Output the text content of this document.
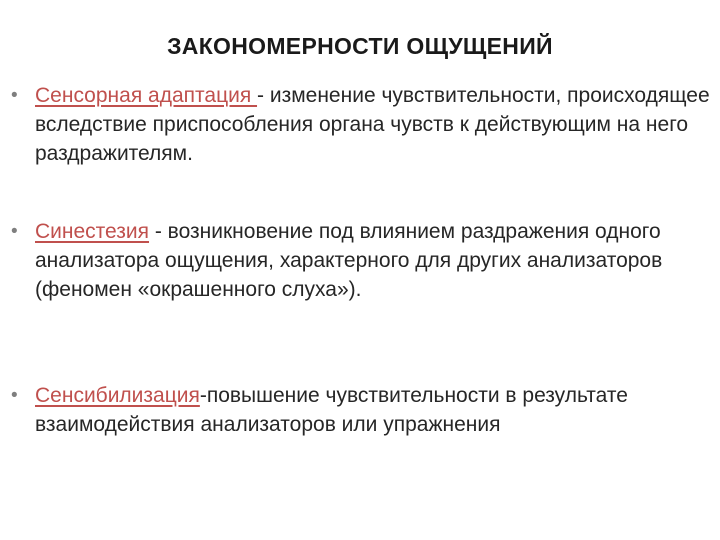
ЗАКОНОМЕРНОСТИ ОЩУЩЕНИЙ
• Сенсорная адаптация - изменение чувствительности, происходящее вследствие приспособления органа чувств к действующим на него раздражителям.
• Синестезия - возникновение под влиянием раздражения одного анализатора ощущения, характерного для других анализаторов (феномен «окрашенного слуха»).
• Сенсибилизация-повышение чувствительности в результате взаимодействия анализаторов или упражнения
